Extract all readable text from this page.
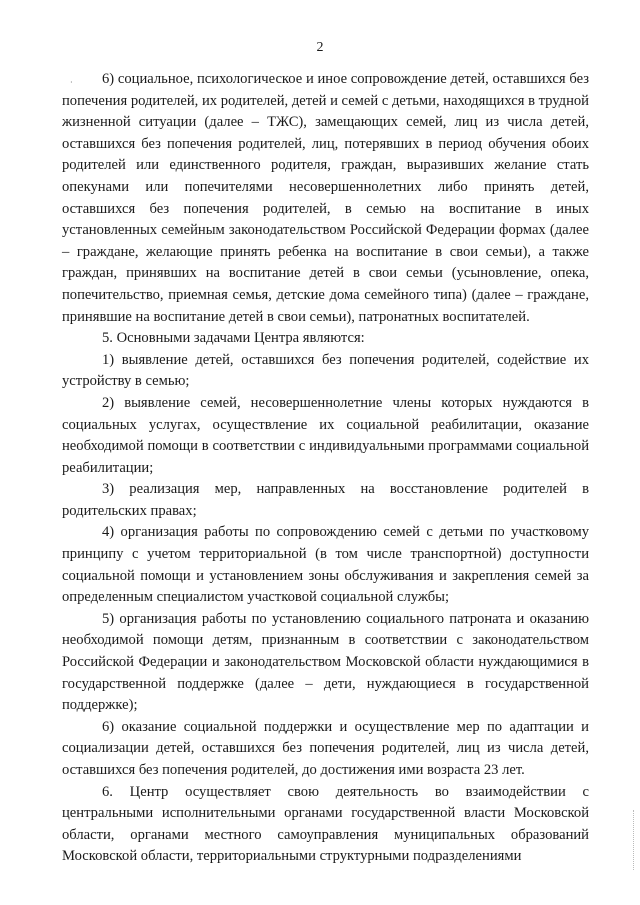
2
·	6) социальное, психологическое и иное сопровождение детей, оставшихся без попечения родителей, их родителей, детей и семей с детьми, находящихся в трудной жизненной ситуации (далее – ТЖС), замещающих семей, лиц из числа детей, оставшихся без попечения родителей, лиц, потерявших в период обучения обоих родителей или единственного родителя, граждан, выразивших желание стать опекунами или попечителями несовершеннолетних либо принять детей, оставшихся без попечения родителей, в семью на воспитание в иных установленных семейным законодательством Российской Федерации формах (далее – граждане, желающие принять ребенка на воспитание в свои семьи), а также граждан, принявших на воспитание детей в свои семьи (усыновление, опека, попечительство, приемная семья, детские дома семейного типа) (далее – граждане, принявшие на воспитание детей в свои семьи), патронатных воспитателей.

5. Основными задачами Центра являются:

1) выявление детей, оставшихся без попечения родителей, содействие их устройству в семью;

2) выявление семей, несовершеннолетние члены которых нуждаются в социальных услугах, осуществление их социальной реабилитации, оказание необходимой помощи в соответствии с индивидуальными программами социальной реабилитации;

3) реализация мер, направленных на восстановление родителей в родительских правах;

4) организация работы по сопровождению семей с детьми по участковому принципу с учетом территориальной (в том числе транспортной) доступности социальной помощи и установлением зоны обслуживания и закрепления семей за определенным специалистом участковой социальной службы;

5) организация работы по установлению социального патроната и оказанию необходимой помощи детям, признанным в соответствии с законодательством Российской Федерации и законодательством Московской области нуждающимися в государственной поддержке (далее – дети, нуждающиеся в государственной поддержке);

6) оказание социальной поддержки и осуществление мер по адаптации и социализации детей, оставшихся без попечения родителей, лиц из числа детей, оставшихся без попечения родителей, до достижения ими возраста 23 лет.

6. Центр осуществляет свою деятельность во взаимодействии с центральными исполнительными органами государственной власти Московской области, органами местного самоуправления муниципальных образований Московской области, территориальными структурными подразделениями
